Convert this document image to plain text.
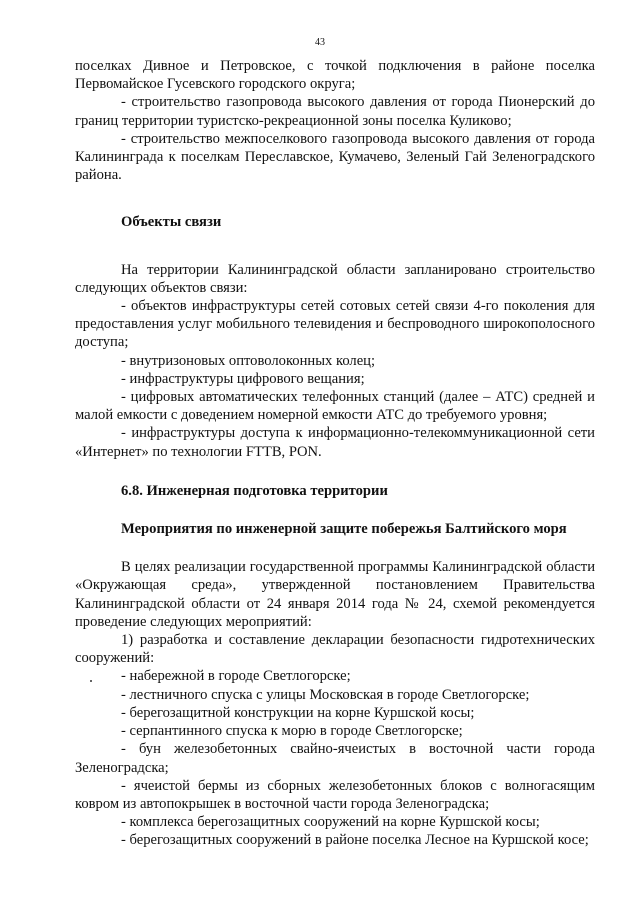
43

поселках Дивное и Петровское, с точкой подключения в районе поселка Первомайское Гусевского городского округа;

- строительство газопровода высокого давления от города Пионерский до границ территории туристско-рекреационной зоны поселка Куликово;

- строительство межпоселкового газопровода высокого давления от города Калининграда к поселкам Переславское, Кумачево, Зеленый Гай Зеленоградского района.

Объекты связи

На территории Калининградской области запланировано строительство следующих объектов связи:

- объектов инфраструктуры сетей сотовых сетей связи 4-го поколения для предоставления услуг мобильного телевидения и беспроводного широкополосного доступа;

- внутризоновых оптоволоконных колец;

- инфраструктуры цифрового вещания;

- цифровых автоматических телефонных станций (далее – АТС) средней и малой емкости с доведением номерной емкости АТС до требуемого уровня;

- инфраструктуры доступа к информационно-телекоммуникационной сети «Интернет» по технологии FTTB, PON.

6.8. Инженерная подготовка территории

Мероприятия по инженерной защите побережья Балтийского моря

В целях реализации государственной программы Калининградской области «Окружающая среда», утвержденной постановлением Правительства Калининградской области от 24 января 2014 года № 24, схемой рекомендуется проведение следующих мероприятий:

1) разработка и составление декларации безопасности гидротехнических сооружений:

- набережной в городе Светлогорске;

- лестничного спуска с улицы Московская в городе Светлогорске;

- берегозащитной конструкции на корне Куршской косы;

- серпантинного спуска к морю в городе Светлогорске;

- бун железобетонных свайно-ячеистых в восточной части города Зеленоградска;

- ячеистой бермы из сборных железобетонных блоков с волногасящим ковром из автопокрышек в восточной части города Зеленоградска;

- комплекса берегозащитных сооружений на корне Куршской косы;

- берегозащитных сооружений в районе поселка Лесное на Куршской косе;
